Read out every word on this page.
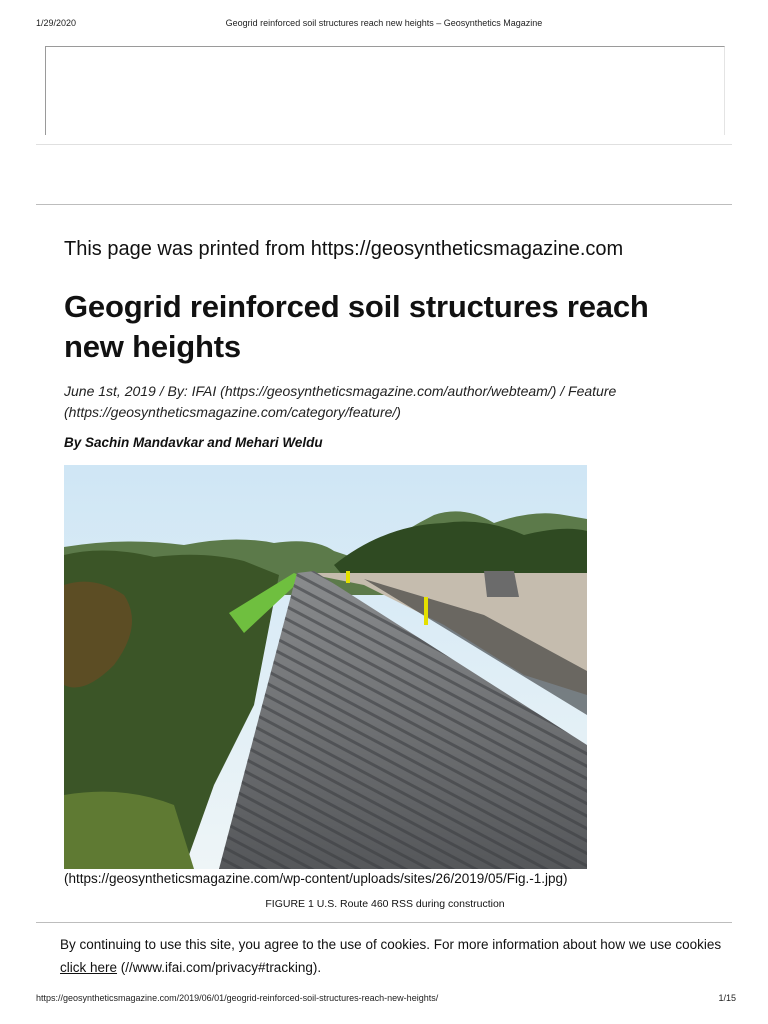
1/29/2020	Geogrid reinforced soil structures reach new heights – Geosynthetics Magazine
This page was printed from https://geosyntheticsmagazine.com
Geogrid reinforced soil structures reach new heights
June 1st, 2019 / By: IFAI (https://geosyntheticsmagazine.com/author/webteam/) / Feature (https://geosyntheticsmagazine.com/category/feature/)
By Sachin Mandavkar and Mehari Weldu
(https://geosyntheticsmagazine.com/wp-content/uploads/sites/26/2019/05/Fig.-1.jpg)
FIGURE 1 U.S. Route 460 RSS during construction
By continuing to use this site, you agree to the use of cookies. For more information about how we use cookies click here (//www.ifai.com/privacy#tracking).
https://geosyntheticsmagazine.com/2019/06/01/geogrid-reinforced-soil-structures-reach-new-heights/	1/15
